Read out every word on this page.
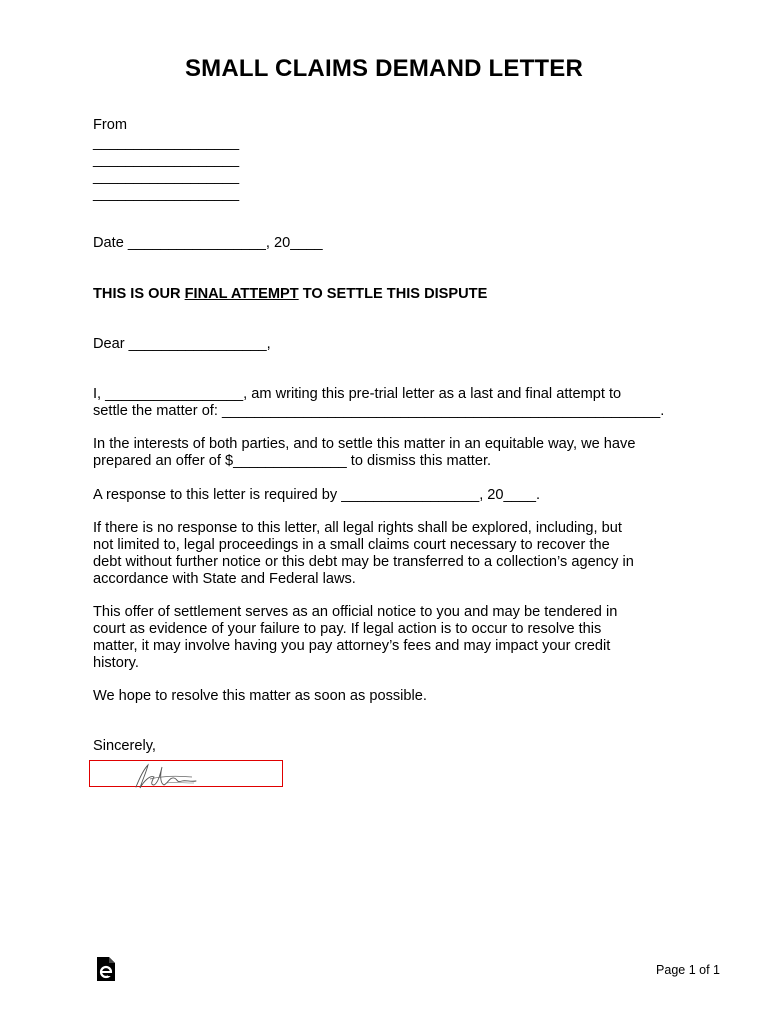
SMALL CLAIMS DEMAND LETTER
From
__________________
__________________
__________________
__________________
Date _________________, 20____
THIS IS OUR FINAL ATTEMPT TO SETTLE THIS DISPUTE
Dear _________________,
I, _________________, am writing this pre-trial letter as a last and final attempt to
settle the matter of: ______________________________________________________.
In the interests of both parties, and to settle this matter in an equitable way, we have
prepared an offer of $______________ to dismiss this matter.
A response to this letter is required by _________________, 20____.
If there is no response to this letter, all legal rights shall be explored, including, but
not limited to, legal proceedings in a small claims court necessary to recover the
debt without further notice or this debt may be transferred to a collection’s agency in
accordance with State and Federal laws.
This offer of settlement serves as an official notice to you and may be tendered in
court as evidence of your failure to pay. If legal action is to occur to resolve this
matter, it may involve having you pay attorney’s fees and may impact your credit
history.
We hope to resolve this matter as soon as possible.
Sincerely,
Page 1 of 1
